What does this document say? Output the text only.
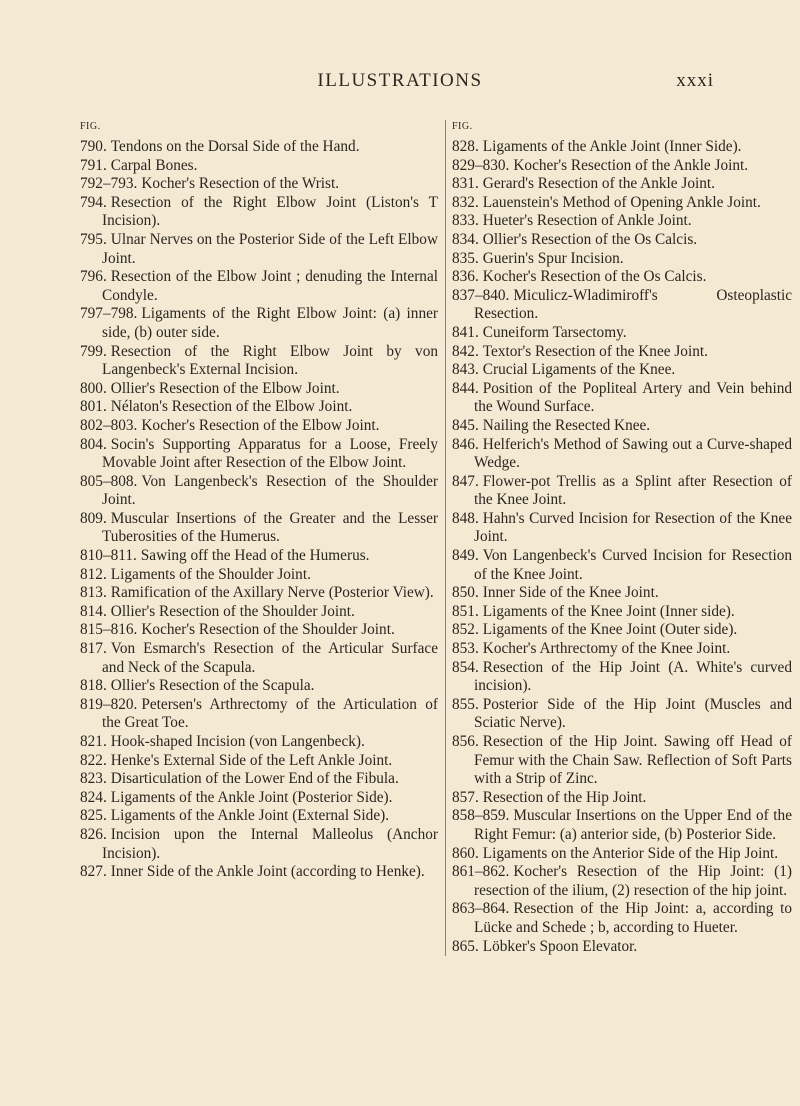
ILLUSTRATIONS	xxxi
FIG.
790. Tendons on the Dorsal Side of the Hand.
791. Carpal Bones.
792–793. Kocher's Resection of the Wrist.
794. Resection of the Right Elbow Joint (Liston's T Incision).
795. Ulnar Nerves on the Posterior Side of the Left Elbow Joint.
796. Resection of the Elbow Joint ; denuding the Internal Condyle.
797–798. Ligaments of the Right Elbow Joint: (a) inner side, (b) outer side.
799. Resection of the Right Elbow Joint by von Langenbeck's External Incision.
800. Ollier's Resection of the Elbow Joint.
801. Nélaton's Resection of the Elbow Joint.
802–803. Kocher's Resection of the Elbow Joint.
804. Socin's Supporting Apparatus for a Loose, Freely Movable Joint after Resection of the Elbow Joint.
805–808. Von Langenbeck's Resection of the Shoulder Joint.
809. Muscular Insertions of the Greater and the Lesser Tuberosities of the Humerus.
810–811. Sawing off the Head of the Humerus.
812. Ligaments of the Shoulder Joint.
813. Ramification of the Axillary Nerve (Posterior View).
814. Ollier's Resection of the Shoulder Joint.
815–816. Kocher's Resection of the Shoulder Joint.
817. Von Esmarch's Resection of the Articular Surface and Neck of the Scapula.
818. Ollier's Resection of the Scapula.
819–820. Petersen's Arthrectomy of the Articulation of the Great Toe.
821. Hook-shaped Incision (von Langenbeck).
822. Henke's External Side of the Left Ankle Joint.
823. Disarticulation of the Lower End of the Fibula.
824. Ligaments of the Ankle Joint (Posterior Side).
825. Ligaments of the Ankle Joint (External Side).
826. Incision upon the Internal Malleolus (Anchor Incision).
827. Inner Side of the Ankle Joint (according to Henke).
FIG.
828. Ligaments of the Ankle Joint (Inner Side).
829–830. Kocher's Resection of the Ankle Joint.
831. Gerard's Resection of the Ankle Joint.
832. Lauenstein's Method of Opening Ankle Joint.
833. Hueter's Resection of Ankle Joint.
834. Ollier's Resection of the Os Calcis.
835. Guerin's Spur Incision.
836. Kocher's Resection of the Os Calcis.
837–840. Miculicz-Wladimiroff's Osteoplastic Resection.
841. Cuneiform Tarsectomy.
842. Textor's Resection of the Knee Joint.
843. Crucial Ligaments of the Knee.
844. Position of the Popliteal Artery and Vein behind the Wound Surface.
845. Nailing the Resected Knee.
846. Helferich's Method of Sawing out a Curve-shaped Wedge.
847. Flower-pot Trellis as a Splint after Resection of the Knee Joint.
848. Hahn's Curved Incision for Resection of the Knee Joint.
849. Von Langenbeck's Curved Incision for Resection of the Knee Joint.
850. Inner Side of the Knee Joint.
851. Ligaments of the Knee Joint (Inner side).
852. Ligaments of the Knee Joint (Outer side).
853. Kocher's Arthrectomy of the Knee Joint.
854. Resection of the Hip Joint (A. White's curved incision).
855. Posterior Side of the Hip Joint (Muscles and Sciatic Nerve).
856. Resection of the Hip Joint. Sawing off Head of Femur with the Chain Saw. Reflection of Soft Parts with a Strip of Zinc.
857. Resection of the Hip Joint.
858–859. Muscular Insertions on the Upper End of the Right Femur: (a) anterior side, (b) Posterior Side.
860. Ligaments on the Anterior Side of the Hip Joint.
861–862. Kocher's Resection of the Hip Joint: (1) resection of the ilium, (2) resection of the hip joint.
863–864. Resection of the Hip Joint: a, according to Lücke and Schede ; b, according to Hueter.
865. Löbker's Spoon Elevator.
